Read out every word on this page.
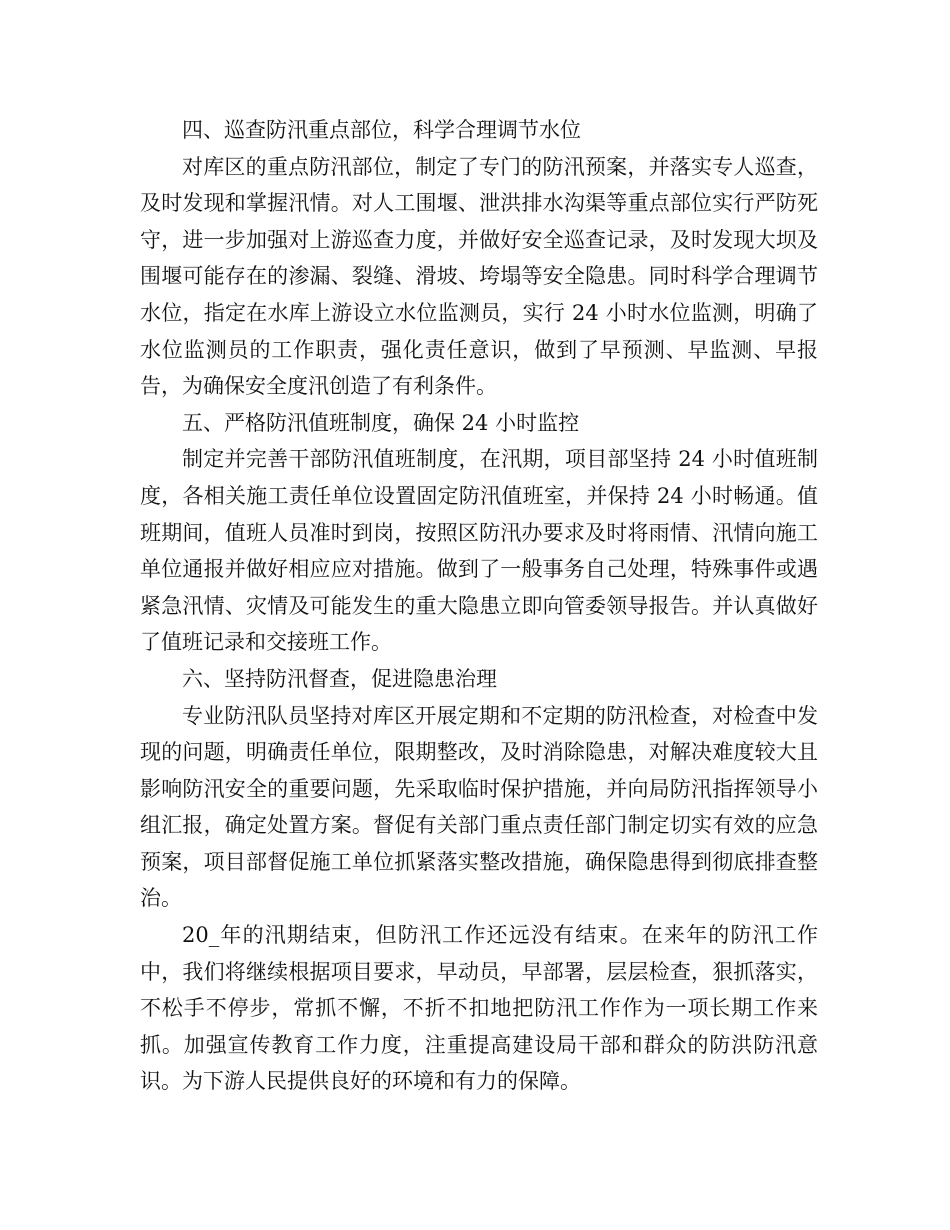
四、巡查防汛重点部位，科学合理调节水位

对库区的重点防汛部位，制定了专门的防汛预案，并落实专人巡查，及时发现和掌握汛情。对人工围堰、泄洪排水沟渠等重点部位实行严防死守，进一步加强对上游巡查力度，并做好安全巡查记录，及时发现大坝及围堰可能存在的渗漏、裂缝、滑坡、垮塌等安全隐患。同时科学合理调节水位，指定在水库上游设立水位监测员，实行 24 小时水位监测，明确了水位监测员的工作职责，强化责任意识，做到了早预测、早监测、早报告，为确保安全度汛创造了有利条件。

五、严格防汛值班制度，确保 24 小时监控

制定并完善干部防汛值班制度，在汛期，项目部坚持 24 小时值班制度，各相关施工责任单位设置固定防汛值班室，并保持 24 小时畅通。值班期间，值班人员准时到岗，按照区防汛办要求及时将雨情、汛情向施工单位通报并做好相应应对措施。做到了一般事务自己处理，特殊事件或遇紧急汛情、灾情及可能发生的重大隐患立即向管委领导报告。并认真做好了值班记录和交接班工作。

六、坚持防汛督查，促进隐患治理

专业防汛队员坚持对库区开展定期和不定期的防汛检查，对检查中发现的问题，明确责任单位，限期整改，及时消除隐患，对解决难度较大且影响防汛安全的重要问题，先采取临时保护措施，并向局防汛指挥领导小组汇报，确定处置方案。督促有关部门重点责任部门制定切实有效的应急预案，项目部督促施工单位抓紧落实整改措施，确保隐患得到彻底排查整治。

20_年的汛期结束，但防汛工作还远没有结束。在来年的防汛工作中，我们将继续根据项目要求，早动员，早部署，层层检查，狠抓落实，不松手不停步，常抓不懈，不折不扣地把防汛工作作为一项长期工作来抓。加强宣传教育工作力度，注重提高建设局干部和群众的防洪防汛意识。为下游人民提供良好的环境和有力的保障。
